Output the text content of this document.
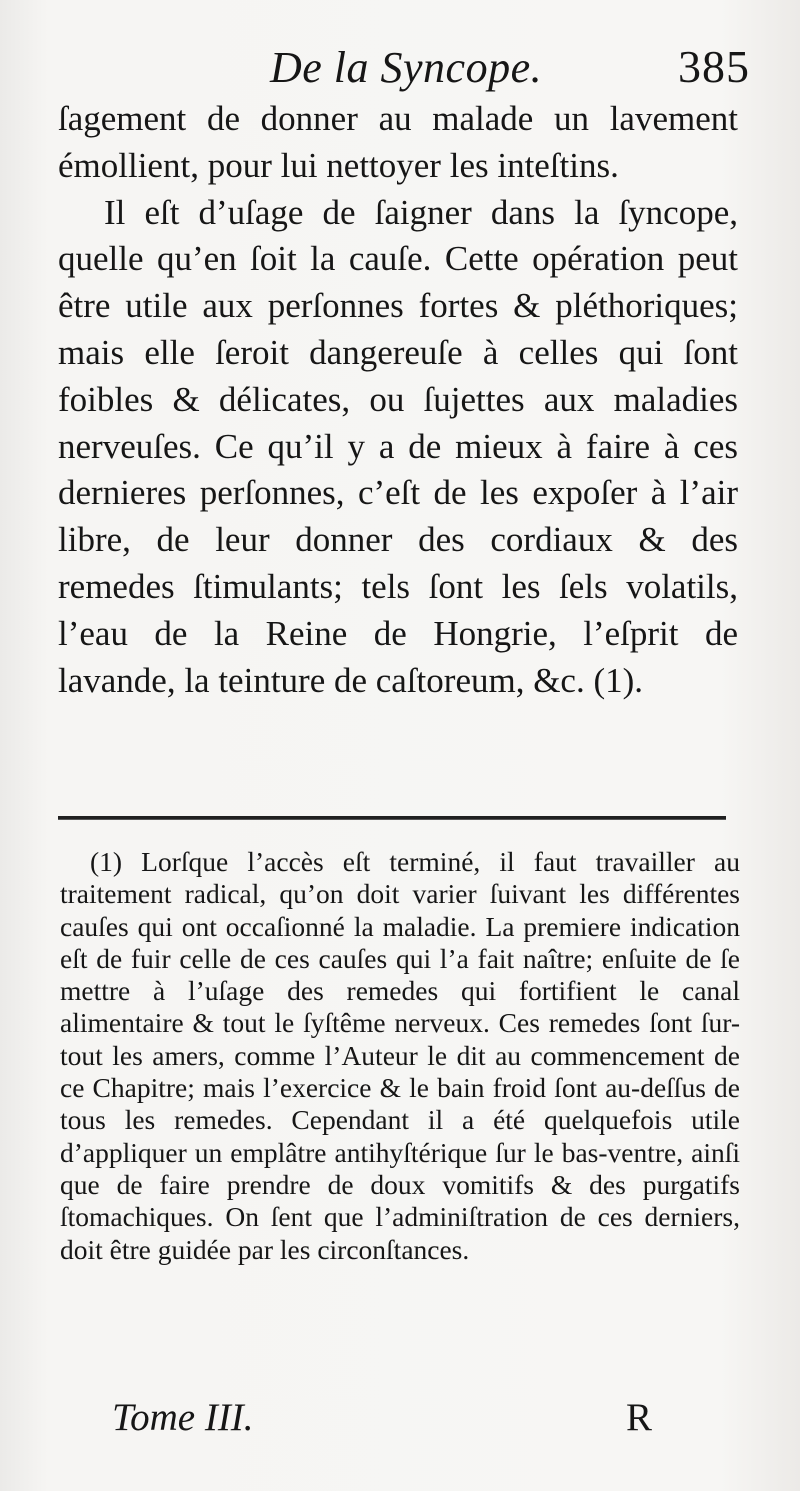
De la Syncope.	385

ſagement de donner au malade un lavement émollient, pour lui nettoyer les inteſtins.

Il eſt d’uſage de ſaigner dans la ſyncope, quelle qu’en ſoit la cauſe. Cette opération peut être utile aux perſonnes fortes & pléthoriques; mais elle ſeroit dangereuſe à celles qui ſont foibles & délicates, ou ſujettes aux maladies nerveuſes. Ce qu’il y a de mieux à faire à ces dernieres perſonnes, c’eſt de les expoſer à l’air libre, de leur donner des cordiaux & des remedes ſtimulants; tels ſont les ſels volatils, l’eau de la Reine de Hongrie, l’eſprit de lavande, la teinture de caſtoreum, &c. (1).

(1) Lorſque l’accès eſt terminé, il faut travailler au traitement radical, qu’on doit varier ſuivant les différentes cauſes qui ont occaſionné la maladie. La premiere indication eſt de fuir celle de ces cauſes qui l’a fait naître; enſuite de ſe mettre à l’uſage des remedes qui fortifient le canal alimentaire & tout le ſyſtême nerveux. Ces remedes ſont ſur-tout les amers, comme l’Auteur le dit au commencement de ce Chapitre; mais l’exercice & le bain froid ſont au-deſſus de tous les remedes. Cependant il a été quelquefois utile d’appliquer un emplâtre antihyſtérique ſur le bas-ventre, ainſi que de faire prendre de doux vomitifs & des purgatifs ſtomachiques. On ſent que l’adminiſtration de ces derniers, doit être guidée par les circonſtances.

Tome III.	R
